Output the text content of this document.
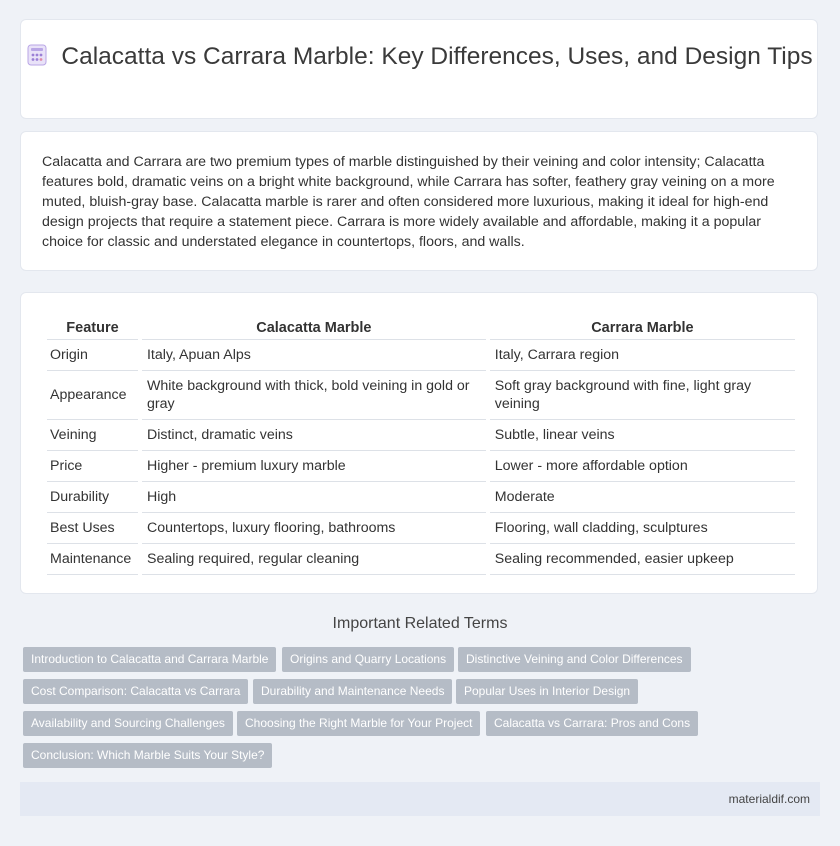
Calacatta vs Carrara Marble: Key Differences, Uses, and Design Tips

Calacatta and Carrara are two premium types of marble distinguished by their veining and color intensity; Calacatta features bold, dramatic veins on a bright white background, while Carrara has softer, feathery gray veining on a more muted, bluish-gray base. Calacatta marble is rarer and often considered more luxurious, making it ideal for high-end design projects that require a statement piece. Carrara is more widely available and affordable, making it a popular choice for classic and understated elegance in countertops, floors, and walls.

Feature	Calacatta Marble	Carrara Marble
Origin	Italy, Apuan Alps	Italy, Carrara region
Appearance	White background with thick, bold veining in gold or gray	Soft gray background with fine, light gray veining
Veining	Distinct, dramatic veins	Subtle, linear veins
Price	Higher - premium luxury marble	Lower - more affordable option
Durability	High	Moderate
Best Uses	Countertops, luxury flooring, bathrooms	Flooring, wall cladding, sculptures
Maintenance	Sealing required, regular cleaning	Sealing recommended, easier upkeep
Important Related Terms
Introduction to Calacatta and Carrara Marble	Origins and Quarry Locations	Distinctive Veining and Color Differences
Cost Comparison: Calacatta vs Carrara	Durability and Maintenance Needs	Popular Uses in Interior Design
Availability and Sourcing Challenges	Choosing the Right Marble for Your Project	Calacatta vs Carrara: Pros and Cons
Conclusion: Which Marble Suits Your Style?
materialdif.com
